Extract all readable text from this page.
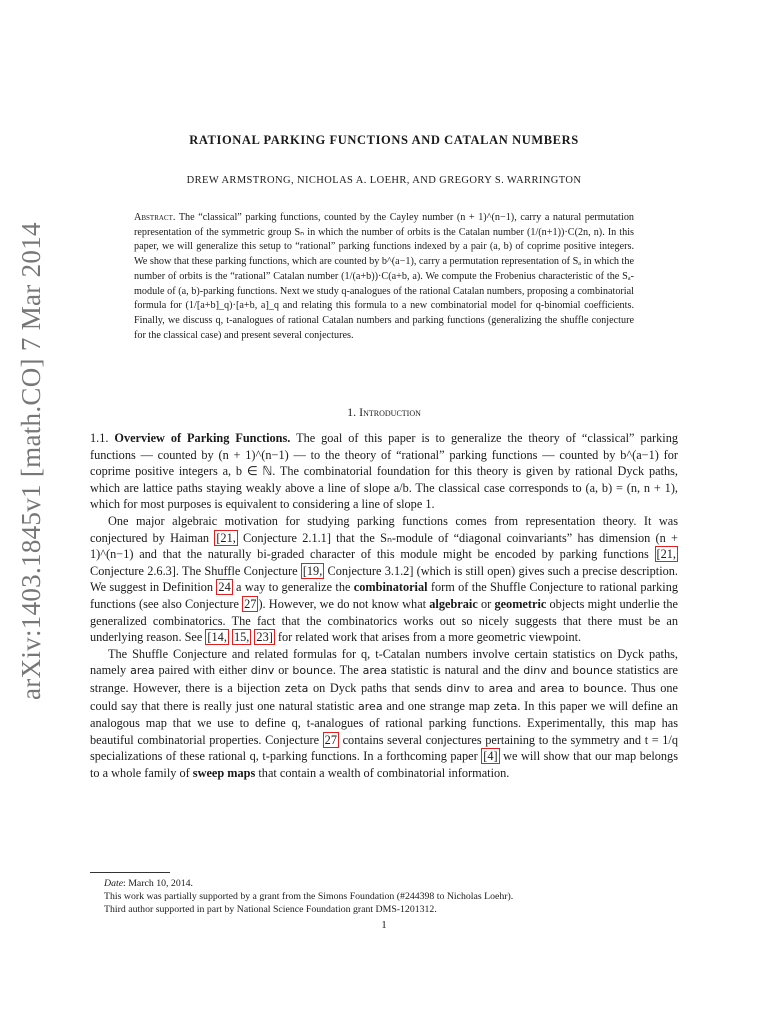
arXiv:1403.1845v1 [math.CO] 7 Mar 2014
RATIONAL PARKING FUNCTIONS AND CATALAN NUMBERS
DREW ARMSTRONG, NICHOLAS A. LOEHR, AND GREGORY S. WARRINGTON
Abstract. The “classical” parking functions, counted by the Cayley number (n + 1)^(n−1), carry a natural permutation representation of the symmetric group Sₙ in which the number of orbits is the Catalan number (1/(n+1))·C(2n, n). In this paper, we will generalize this setup to “rational” parking functions indexed by a pair (a, b) of coprime positive integers. We show that these parking functions, which are counted by b^(a−1), carry a permutation representation of Sₐ in which the number of orbits is the “rational” Catalan number (1/(a+b))·C(a+b, a). We compute the Frobenius characteristic of the Sₐ-module of (a, b)-parking functions. Next we study q-analogues of the rational Catalan numbers, proposing a combinatorial formula for (1/[a+b]_q)·[a+b, a]_q and relating this formula to a new combinatorial model for q-binomial coefficients. Finally, we discuss q, t-analogues of rational Catalan numbers and parking functions (generalizing the shuffle conjecture for the classical case) and present several conjectures.
1. Introduction

1.1. Overview of Parking Functions. The goal of this paper is to generalize the theory of “classical” parking functions — counted by (n + 1)^(n−1) — to the theory of “rational” parking functions — counted by b^(a−1) for coprime positive integers a, b ∈ ℕ. The combinatorial foundation for this theory is given by rational Dyck paths, which are lattice paths staying weakly above a line of slope a/b. The classical case corresponds to (a, b) = (n, n + 1), which for most purposes is equivalent to considering a line of slope 1.

One major algebraic motivation for studying parking functions comes from representation theory. It was conjectured by Haiman [21, Conjecture 2.1.1] that the Sₙ-module of “diagonal coinvariants” has dimension (n + 1)^(n−1) and that the naturally bi-graded character of this module might be encoded by parking functions [21, Conjecture 2.6.3]. The Shuffle Conjecture [19, Conjecture 3.1.2] (which is still open) gives such a precise description. We suggest in Definition 24 a way to generalize the combinatorial form of the Shuffle Conjecture to rational parking functions (see also Conjecture 27 ). However, we do not know what algebraic or geometric objects might underlie the generalized combinatorics. The fact that the combinatorics works out so nicely suggests that there must be an underlying reason. See [14, 15, 23] for related work that arises from a more geometric viewpoint.

The Shuffle Conjecture and related formulas for q, t-Catalan numbers involve certain statistics on Dyck paths, namely area paired with either dinv or bounce. The area statistic is natural and the dinv and bounce statistics are strange. However, there is a bijection zeta on Dyck paths that sends dinv to area and area to bounce. Thus one could say that there is really just one natural statistic area and one strange map zeta. In this paper we will define an analogous map that we use to define q, t-analogues of rational parking functions. Experimentally, this map has beautiful combinatorial properties. Conjecture 27 contains several conjectures pertaining to the symmetry and t = 1/q specializations of these rational q, t-parking functions. In a forthcoming paper [4] we will show that our map belongs to a whole family of sweep maps that contain a wealth of combinatorial information.

Date: March 10, 2014.
This work was partially supported by a grant from the Simons Foundation (#244398 to Nicholas Loehr).
Third author supported in part by National Science Foundation grant DMS-1201312.
1
